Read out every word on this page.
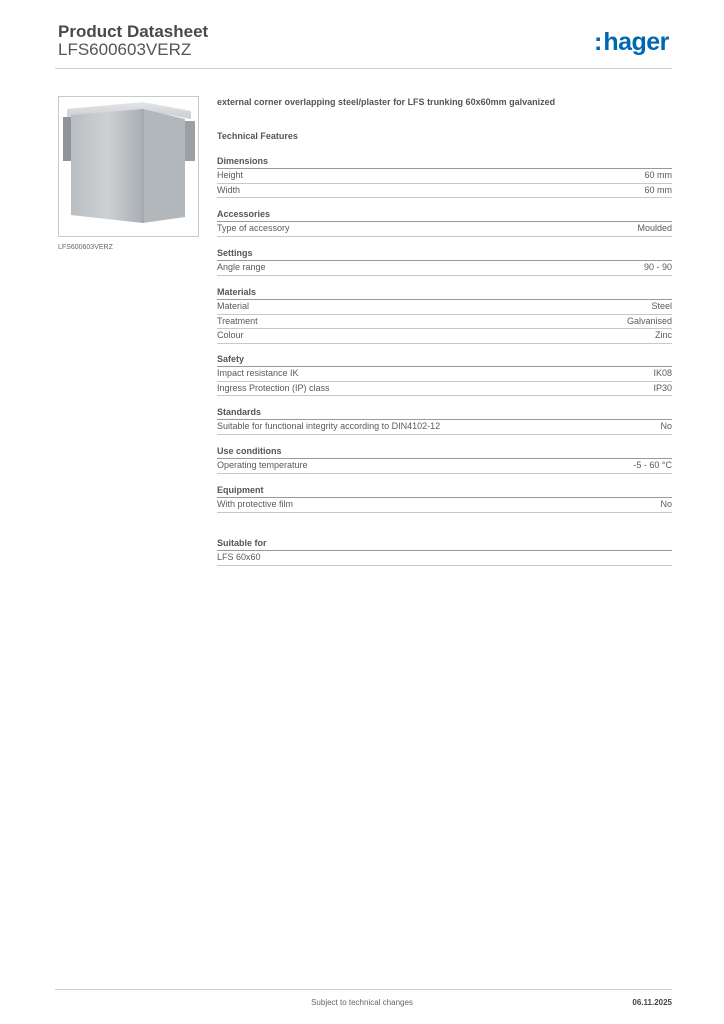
Product Datasheet
LFS600603VERZ	:hager
LFS600603VERZ
external corner overlapping steel/plaster for LFS trunking 60x60mm galvanized
Technical Features
Dimensions
Height	60 mm
Width	60 mm
Accessories
Type of accessory	Moulded
Settings
Angle range	90 - 90
Materials
Material	Steel
Treatment	Galvanised
Colour	Zinc
Safety
Impact resistance IK	IK08
Ingress Protection (IP) class	IP30
Standards
Suitable for functional integrity according to DIN4102-12	No
Use conditions
Operating temperature	-5 - 60 °C
Equipment
With protective film	No
Suitable for
LFS 60x60
Subject to technical changes	06.11.2025
